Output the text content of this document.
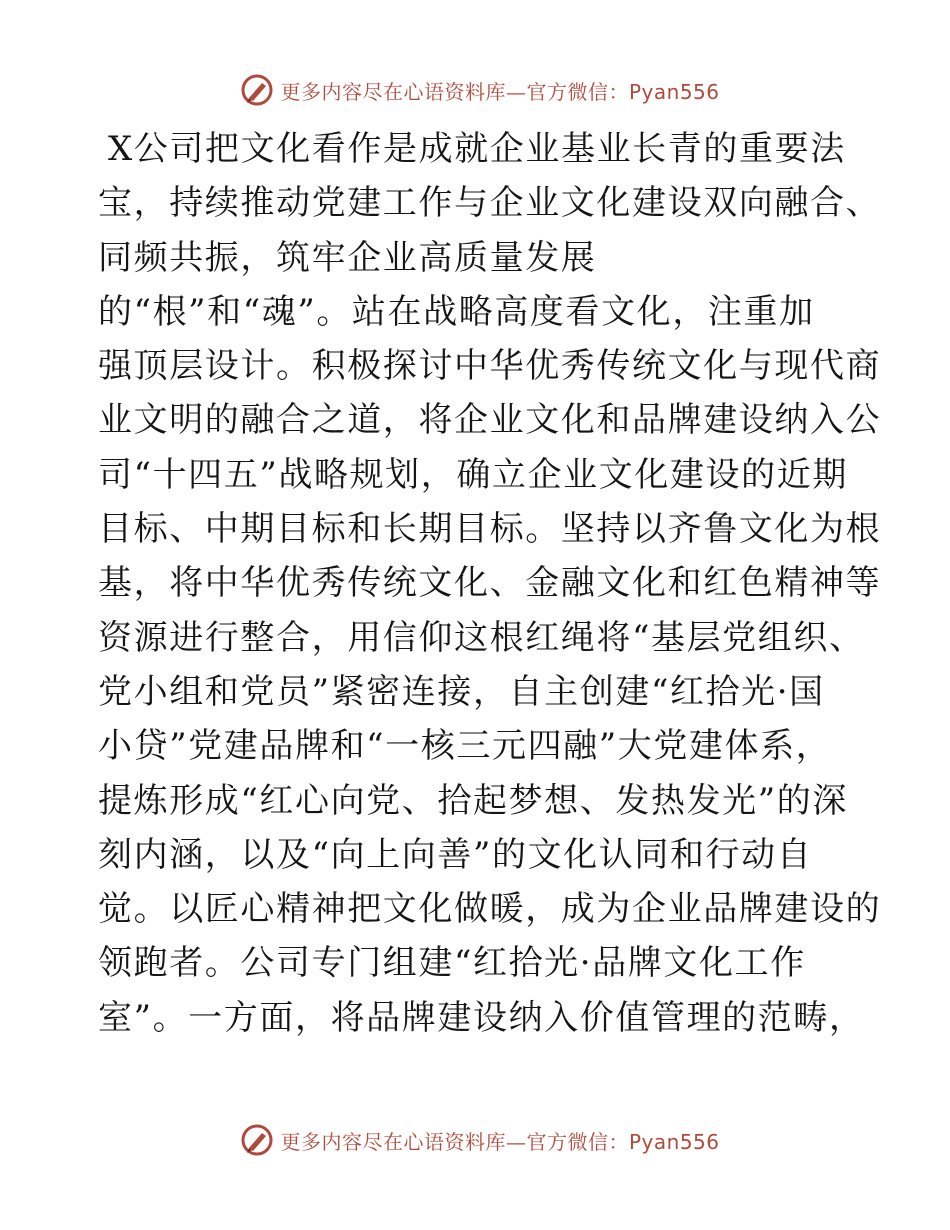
更多内容尽在心语资料库—官方微信：Pyan556
X公司把文化看作是成就企业基业长青的重要法
宝，持续推动党建工作与企业文化建设双向融合、
同频共振，筑牢企业高质量发展
的“根”和“魂”。站在战略高度看文化，注重加
强顶层设计。积极探讨中华优秀传统文化与现代商
业文明的融合之道，将企业文化和品牌建设纳入公
司“十四五”战略规划，确立企业文化建设的近期
目标、中期目标和长期目标。坚持以齐鲁文化为根
基，将中华优秀传统文化、金融文化和红色精神等
资源进行整合，用信仰这根红绳将“基层党组织、
党小组和党员”紧密连接，自主创建“红拾光·国
小贷”党建品牌和“一核三元四融”大党建体系，
提炼形成“红心向党、拾起梦想、发热发光”的深
刻内涵，以及“向上向善”的文化认同和行动自
觉。以匠心精神把文化做暖，成为企业品牌建设的
领跑者。公司专门组建“红拾光·品牌文化工作
室”。一方面，将品牌建设纳入价值管理的范畴，
更多内容尽在心语资料库—官方微信：Pyan556
